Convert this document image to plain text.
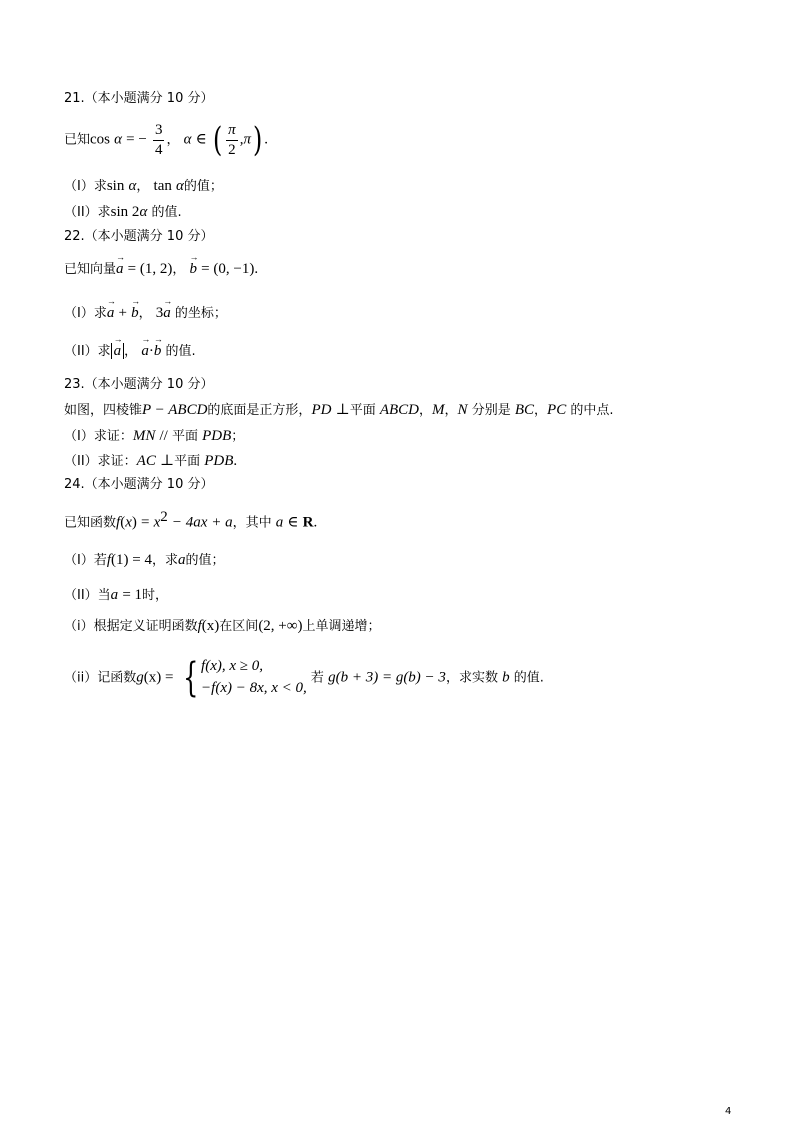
21.（本小题满分 10 分）
已知cos α = − $\frac{3}{4}$ ， α ∈ ( $\frac{\pi}{2} ,\pi$) .
（I）求sin α， tan α的值；
（II）求sin 2α 的值.
22.（本小题满分 10 分）
已知向量→ a = (1, 2)， → b = (0, −1).
（I）求→ a + → b， 3→ a 的坐标；
（II）求 → a ， → a·→ b 的值.
23.（本小题满分 10 分）
如图，四棱锥P − ABCD的底面是正方形，PD ⊥平面 ABCD，M，N 分别是 BC，PC 的中点.
（I）求证：MN // 平面 PDB；
（II）求证：AC ⊥平面 PDB.
24.（本小题满分 10 分）
已知函数$f(x) = x^2 - 4ax + a$，其中 a ∈ R.
（I）若f(1) = 4，求a的值；
（II）当a = 1时，
（i）根据定义证明函数f(x)在区间(2, +∞)上单调递增；
（ii）记函数g(x) = { f(x), x ≥ 0,
−f(x) − 8x, x < 0,
若 g(b + 3) = g(b) − 3，求实数 b 的值.
4
